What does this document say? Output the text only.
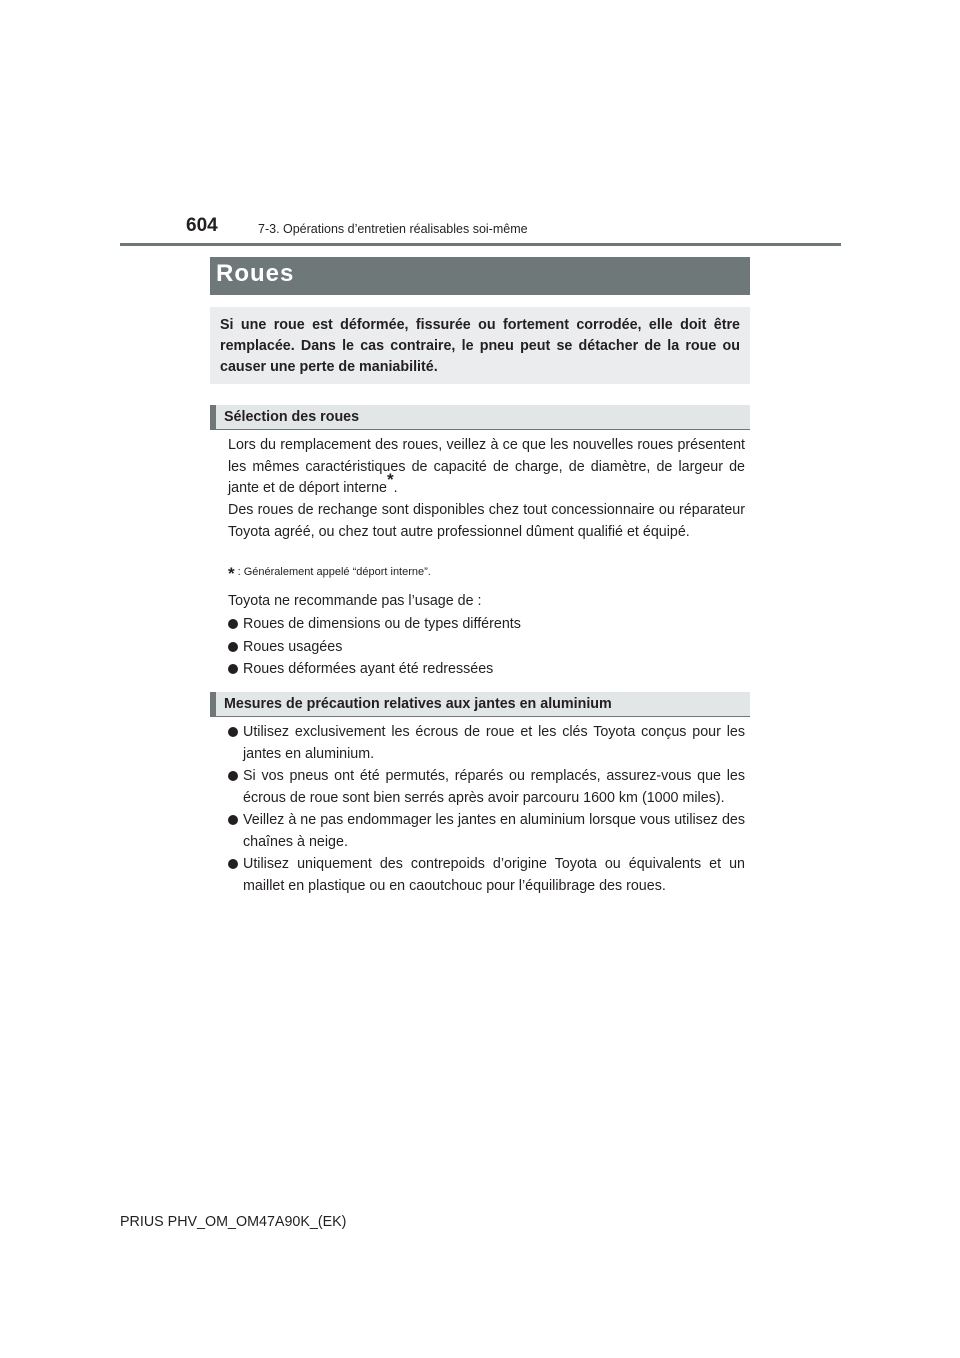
604	7-3. Opérations d’entretien réalisables soi-même
Roues

Si une roue est déformée, fissurée ou fortement corrodée, elle doit être remplacée. Dans le cas contraire, le pneu peut se détacher de la roue ou causer une perte de maniabilité.

Sélection des roues

Lors du remplacement des roues, veillez à ce que les nouvelles roues présentent les mêmes caractéristiques de capacité de charge, de diamètre, de largeur de jante et de déport interne*.

Des roues de rechange sont disponibles chez tout concessionnaire ou réparateur Toyota agréé, ou chez tout autre professionnel dûment qualifié et équipé.

* : Généralement appelé “déport interne”.

Toyota ne recommande pas l’usage de :

Roues de dimensions ou de types différents
Roues usagées
Roues déformées ayant été redressées
Mesures de précaution relatives aux jantes en aluminium
Utilisez exclusivement les écrous de roue et les clés Toyota conçus pour les jantes en aluminium.
Si vos pneus ont été permutés, réparés ou remplacés, assurez-vous que les écrous de roue sont bien serrés après avoir parcouru 1600 km (1000 miles).
Veillez à ne pas endommager les jantes en aluminium lorsque vous utilisez des chaînes à neige.
Utilisez uniquement des contrepoids d’origine Toyota ou équivalents et un maillet en plastique ou en caoutchouc pour l’équilibrage des roues.
PRIUS PHV_OM_OM47A90K_(EK)
